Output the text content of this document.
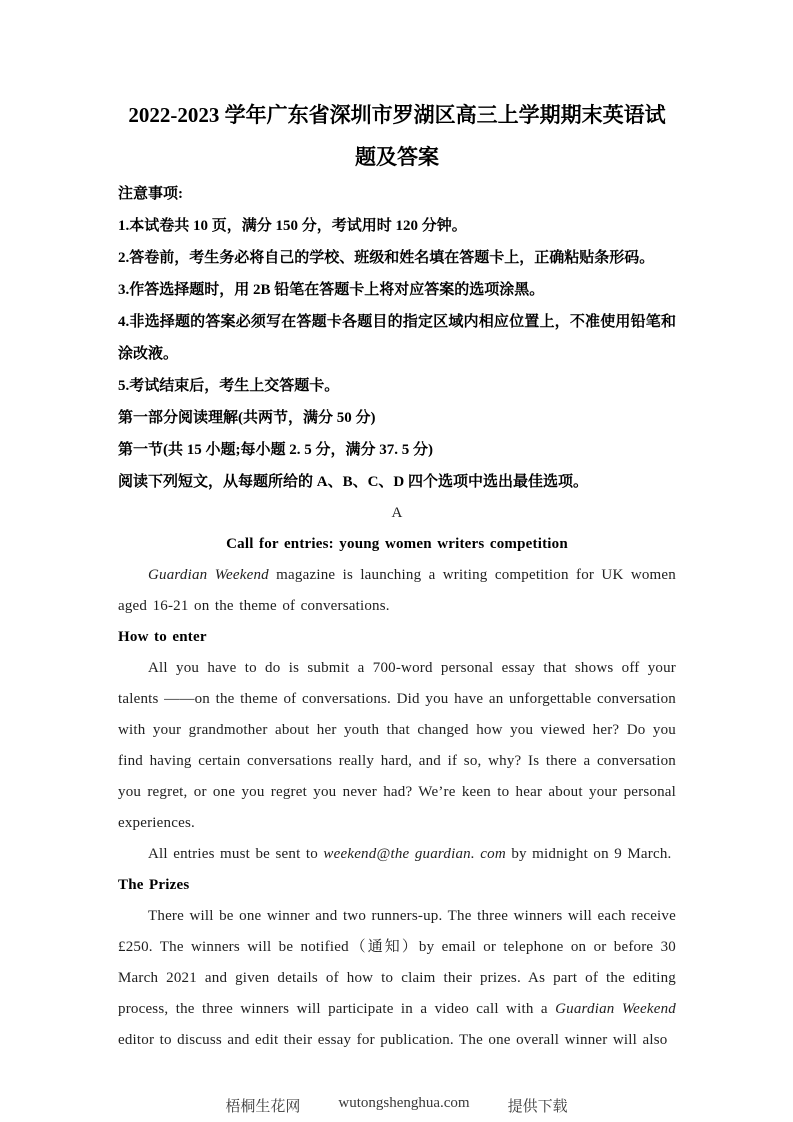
2022-2023 学年广东省深圳市罗湖区高三上学期期末英语试
题及答案
注意事项:
1.本试卷共 10 页，满分 150 分，考试用时 120 分钟。
2.答卷前，考生务必将自己的学校、班级和姓名填在答题卡上，正确粘贴条形码。
3.作答选择题时，用 2B 铅笔在答题卡上将对应答案的选项涂黑。
4.非选择题的答案必须写在答题卡各题目的指定区域内相应位置上，不准使用铅笔和涂改液。
5.考试结束后，考生上交答题卡。
第一部分阅读理解(共两节，满分 50 分)
第一节(共 15 小题;每小题 2. 5 分，满分 37. 5 分)
阅读下列短文，从每题所给的 A、B、C、D 四个选项中选出最佳选项。
A
Call for entries: young women writers competition
Guardian Weekend magazine is launching a writing competition for UK women aged 16-21 on the theme of conversations.
How to enter
All you have to do is submit a 700-word personal essay that shows off your talents ——on the theme of conversations. Did you have an unforgettable conversation with your grandmother about her youth that changed how you viewed her? Do you find having certain conversations really hard, and if so, why? Is there a conversation you regret, or one you regret you never had? We’re keen to hear about your personal experiences.
All entries must be sent to weekend@the guardian. com by midnight on 9 March.
The Prizes
There will be one winner and two runners-up. The three winners will each receive £250. The winners will be notified（通知）by email or telephone on or before 30 March 2021 and given details of how to claim their prizes. As part of the editing process, the three winners will participate in a video call with a Guardian Weekend editor to discuss and edit their essay for publication. The one overall winner will also
梧桐生花网	wutongshenghua.com	提供下载
